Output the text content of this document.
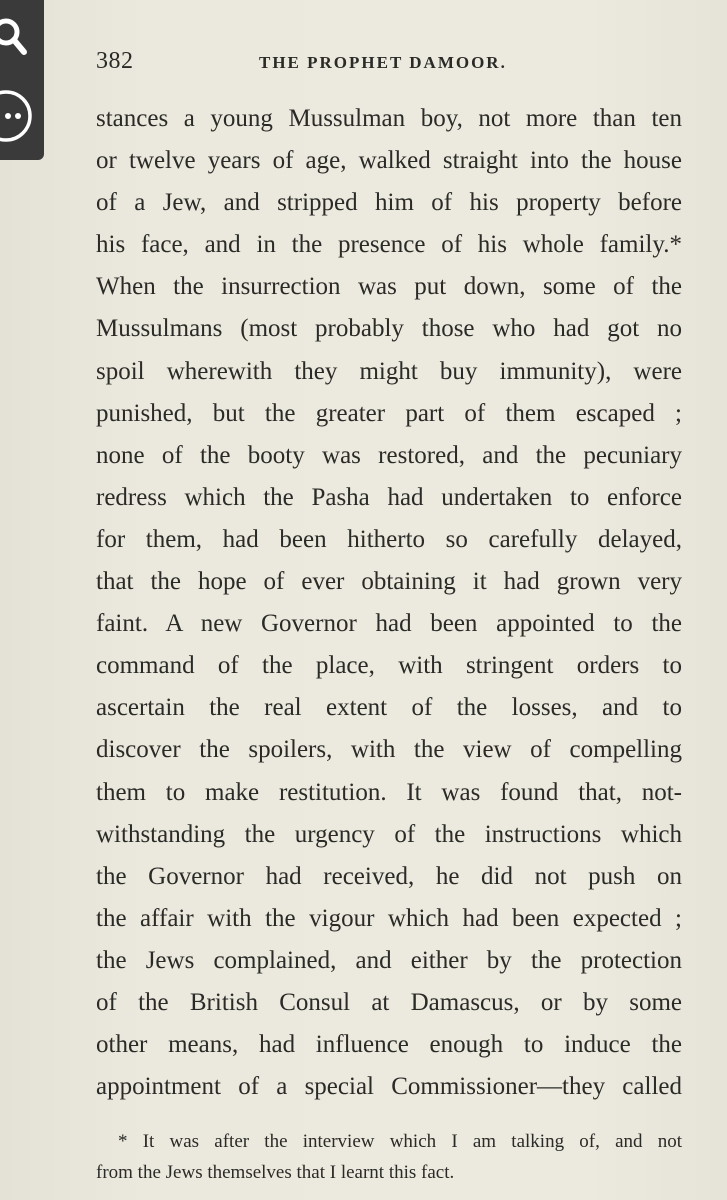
382	THE PROPHET DAMOOR.
stances a young Mussulman boy, not more than ten
or twelve years of age, walked straight into the house
of a Jew, and stripped him of his property before
his face, and in the presence of his whole family.*
When the insurrection was put down, some of the
Mussulmans (most probably those who had got no
spoil wherewith they might buy immunity), were
punished, but the greater part of them escaped ;
none of the booty was restored, and the pecuniary
redress which the Pasha had undertaken to enforce
for them, had been hitherto so carefully delayed,
that the hope of ever obtaining it had grown very
faint. A new Governor had been appointed to the
command of the place, with stringent orders to
ascertain the real extent of the losses, and to
discover the spoilers, with the view of compelling
them to make restitution. It was found that, not-
withstanding the urgency of the instructions which
the Governor had received, he did not push on
the affair with the vigour which had been expected ;
the Jews complained, and either by the protection
of the British Consul at Damascus, or by some
other means, had influence enough to induce the
appointment of a special Commissioner—they called
* It was after the interview which I am talking of, and not
from the Jews themselves that I learnt this fact.
